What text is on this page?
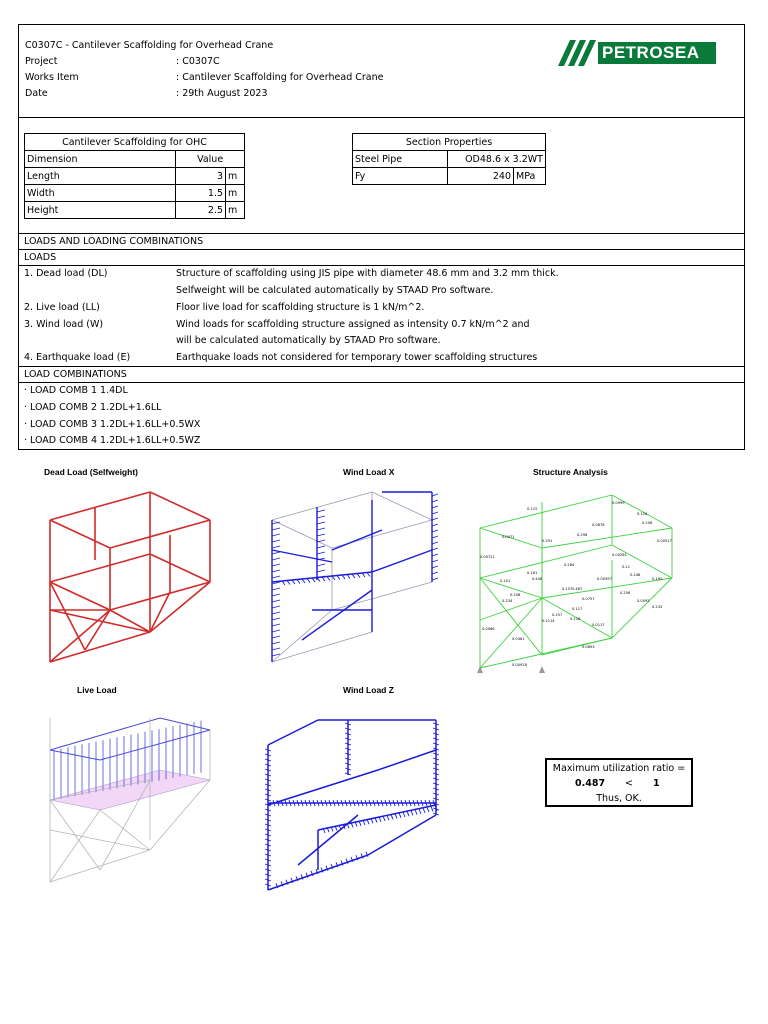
C0307C - Cantilever Scaffolding for Overhead Crane
Project	: C0307C
Works Item	: Cantilever Scaffolding for Overhead Crane
Date	: 29th August 2023
PETROSEA
Cantilever Scaffolding for OHC		
Dimension	Value	
Length	3	m
Width	1.5	m
Height	2.5	m
Section Properties		
Steel Pipe	OD48.6 x 3.2WT	
Fy	240	MPa
LOADS AND LOADING COMBINATIONS
LOADS
1. Dead load (DL)	Structure of scaffolding using JIS pipe with diameter 48.6 mm and 3.2 mm thick.
Selfweight will be calculated automatically by STAAD Pro software.
2. Live load (LL)	Floor live load for scaffolding structure is 1 kN/m^2.
3. Wind load (W)	Wind loads for scaffolding structure assigned as intensity 0.7 kN/m^2 and
will be calculated automatically by STAAD Pro software.
4. Earthquake load (E)	Earthquake loads not considered for temporary tower scaffolding structures
LOAD COMBINATIONS
· LOAD COMB 1 1.4DL
· LOAD COMB 2 1.2DL+1.6LL
· LOAD COMB 3 1.2DL+1.6LL+0.5WX
· LOAD COMB 4 1.2DL+1.6LL+0.5WZ
Dead Load (Selfweight)	Wind Load X	Structure Analysis
Live Load	Wind Load Z
0.115
0.0999
0.110
0.0878	0.206
0.0471
0.291
0.296
0.00517
0.00721
0.284
0.161
0.00281
0.11
0.101	0.406	0.00397
0.487
0.248
0.192
0.258
0.157
0.256
0.0757
0.234
0.117
0.257
0.0092
0.0066
0.2114	0.118
0.0117
0.233
0.0361
0.0893
0.00928
Maximum utilization ratio =
0.487 < 1
Thus, OK.
